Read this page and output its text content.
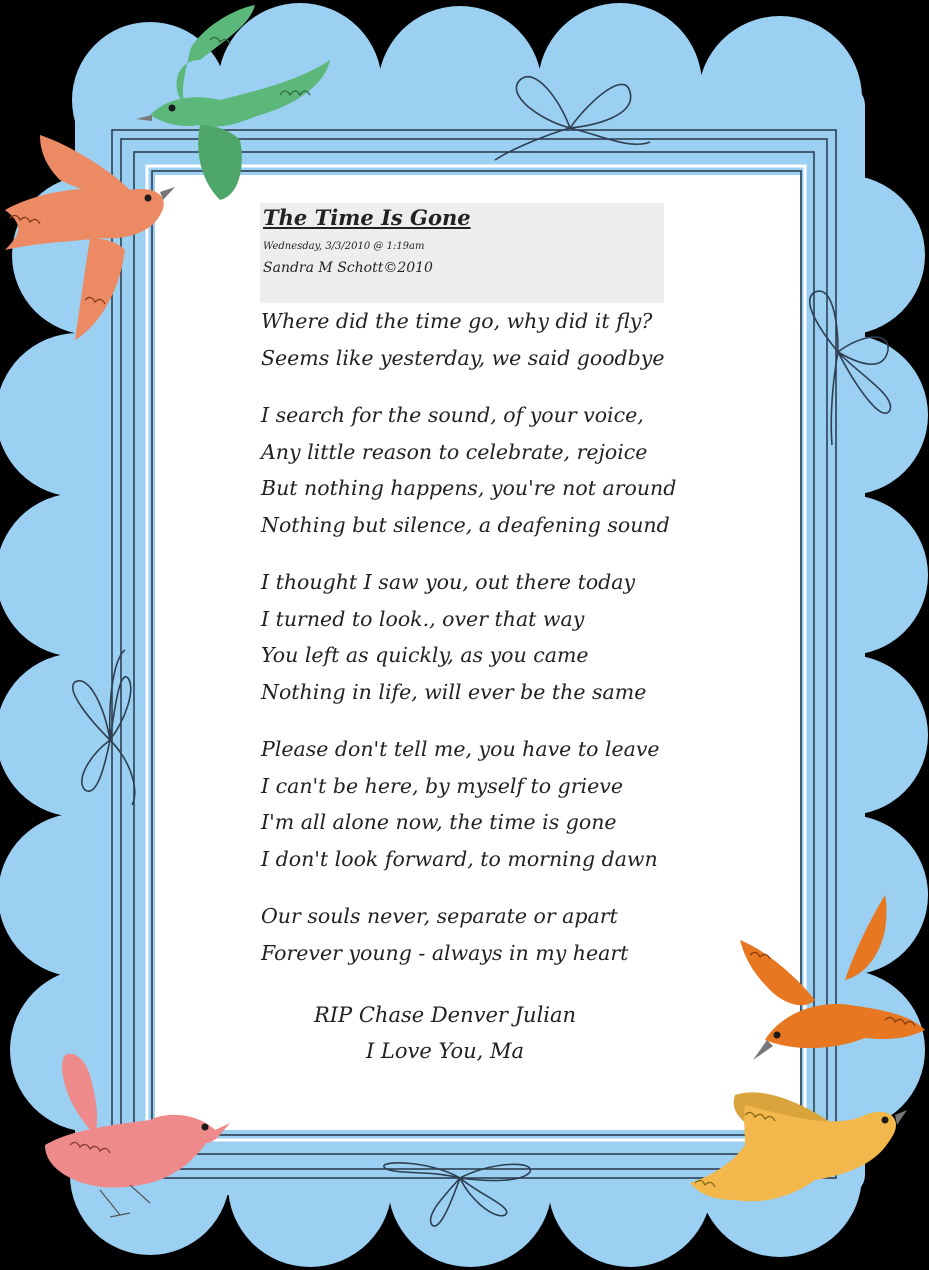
The Time Is Gone
Wednesday, 3/3/2010 @ 1:19am
Sandra M Schott©2010
Where did the time go, why did it fly?
Seems like yesterday, we said goodbye
I search for the sound, of your voice,
Any little reason to celebrate, rejoice
But nothing happens, you're not around
Nothing but silence, a deafening sound
I thought I saw you, out there today
I turned to look., over that way
You left as quickly, as you came
Nothing in life, will ever be the same
Please don't tell me, you have to leave
I can't be here, by myself to grieve
I'm all alone now, the time is gone
I don't look forward, to morning dawn
Our souls never, separate or apart
Forever young - always in my heart
RIP Chase Denver Julian
I Love You, Ma
